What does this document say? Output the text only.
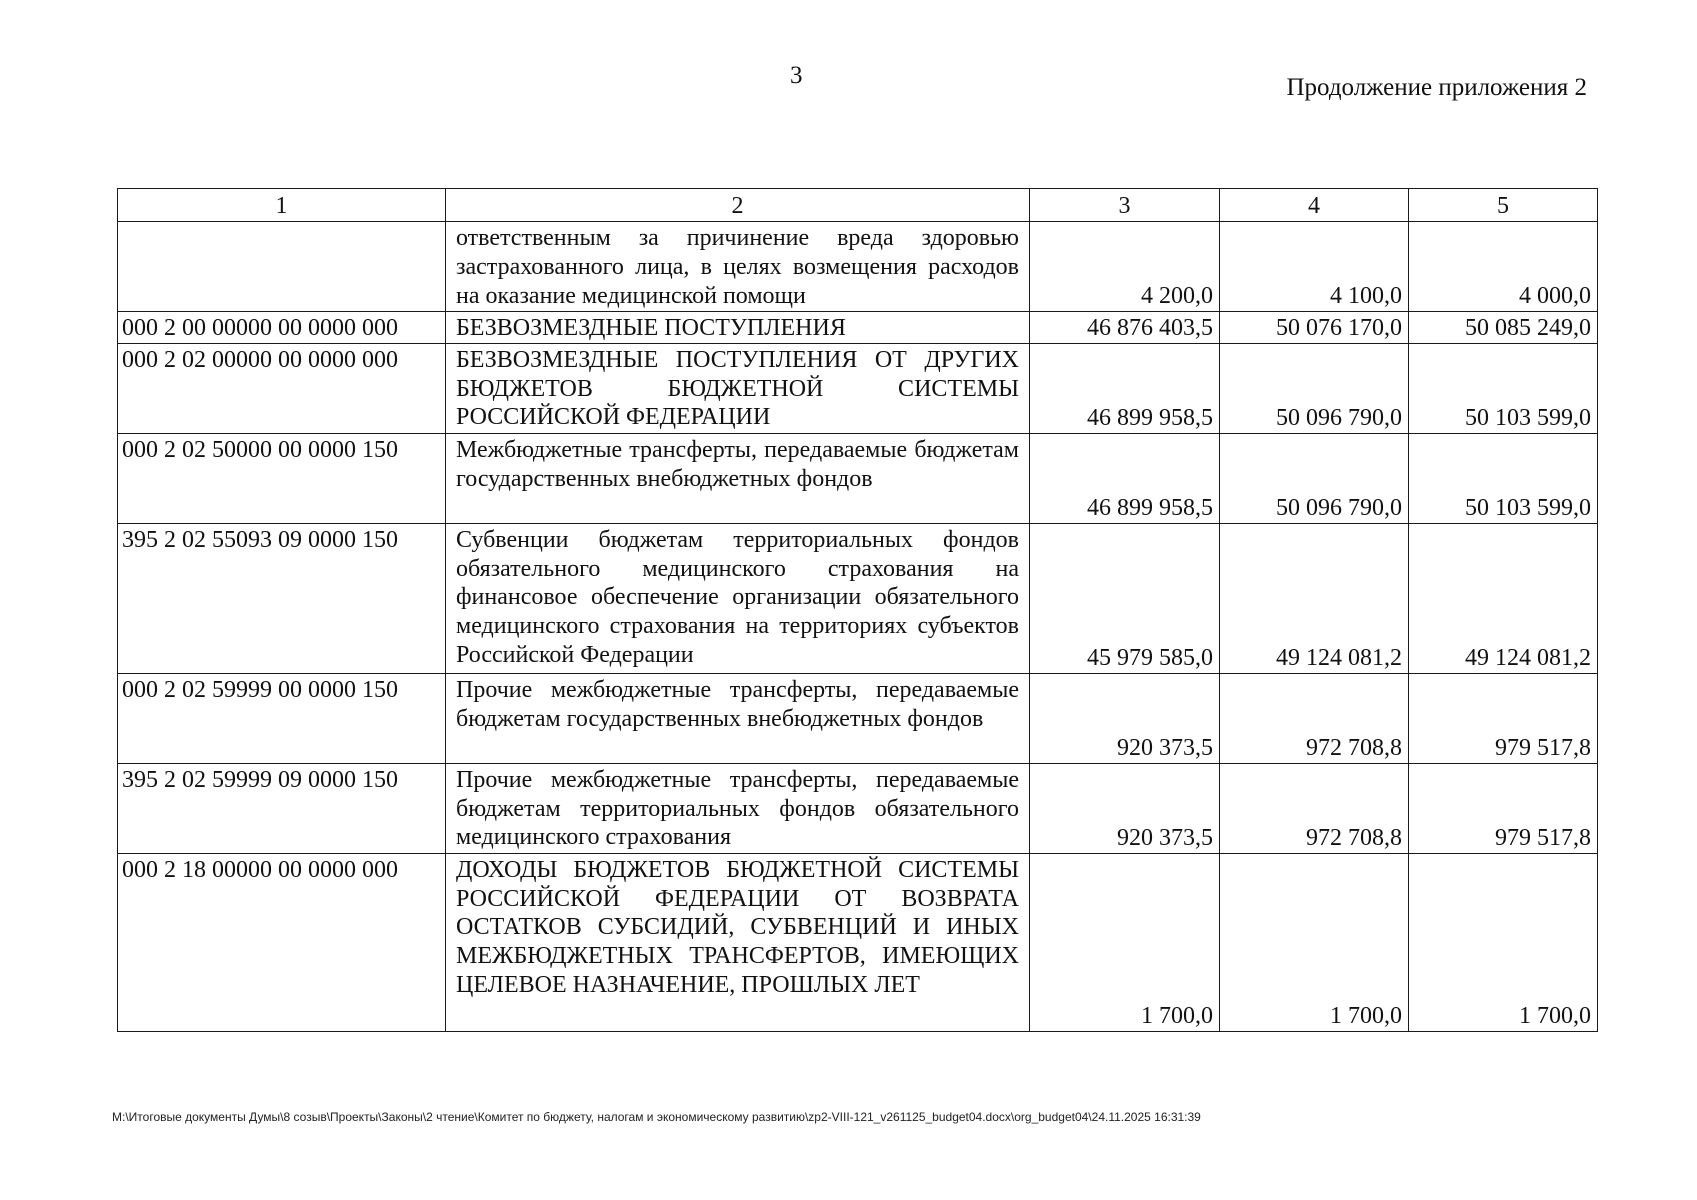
3	Продолжение приложения 2
1	2	3	4	5
	ответственным за причинение вреда здоровью застрахованного лица, в целях возмещения расходов на оказание медицинской помощи	4 200,0	4 100,0	4 000,0
000 2 00 00000 00 0000 000	БЕЗВОЗМЕЗДНЫЕ ПОСТУПЛЕНИЯ	46 876 403,5	50 076 170,0	50 085 249,0
000 2 02 00000 00 0000 000	БЕЗВОЗМЕЗДНЫЕ ПОСТУПЛЕНИЯ ОТ ДРУГИХ БЮДЖЕТОВ БЮДЖЕТНОЙ СИСТЕМЫ РОССИЙСКОЙ ФЕДЕРАЦИИ	46 899 958,5	50 096 790,0	50 103 599,0
000 2 02 50000 00 0000 150	Межбюджетные трансферты, передаваемые бюджетам государственных внебюджетных фондов	46 899 958,5	50 096 790,0	50 103 599,0
395 2 02 55093 09 0000 150	Субвенции бюджетам территориальных фондов обязательного медицинского страхования на финансовое обеспечение организации обязательного медицинского страхования на территориях субъектов Российской Федерации	45 979 585,0	49 124 081,2	49 124 081,2
000 2 02 59999 00 0000 150	Прочие межбюджетные трансферты, передаваемые бюджетам государственных внебюджетных фондов	920 373,5	972 708,8	979 517,8
395 2 02 59999 09 0000 150	Прочие межбюджетные трансферты, передаваемые бюджетам территориальных фондов обязательного медицинского страхования	920 373,5	972 708,8	979 517,8
000 2 18 00000 00 0000 000	ДОХОДЫ БЮДЖЕТОВ БЮДЖЕТНОЙ СИСТЕМЫ РОССИЙСКОЙ ФЕДЕРАЦИИ ОТ ВОЗВРАТА ОСТАТКОВ СУБСИДИЙ, СУБВЕНЦИЙ И ИНЫХ МЕЖБЮДЖЕТНЫХ ТРАНСФЕРТОВ, ИМЕЮЩИХ ЦЕЛЕВОЕ НАЗНАЧЕНИЕ, ПРОШЛЫХ ЛЕТ	1 700,0	1 700,0	1 700,0
M:\Итоговые документы Думы\8 созыв\Проекты\Законы\2 чтение\Комитет по бюджету, налогам и экономическому развитию\zp2-VIII-121_v261125_budget04.docx\org_budget04\24.11.2025 16:31:39
